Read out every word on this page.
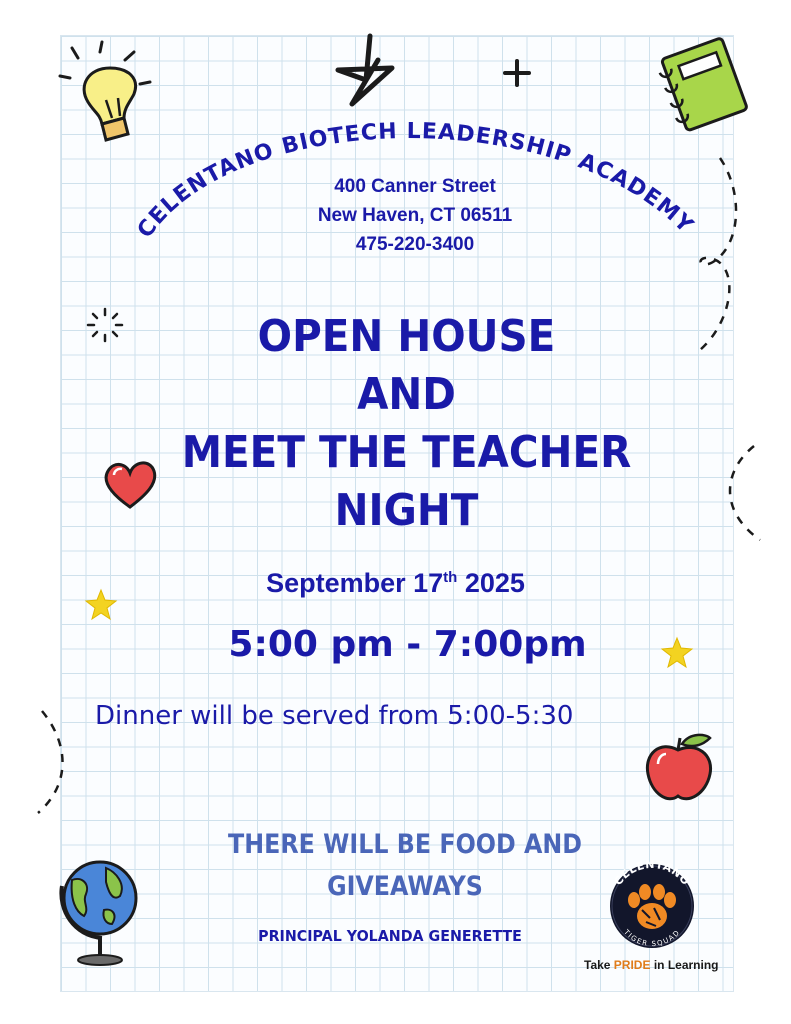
CELENTANO BIOTECH LEADERSHIP ACADEMY
400 Canner Street
New Haven, CT 06511
475-220-3400
OPEN HOUSE
AND
MEET THE TEACHER
NIGHT
September 17th 2025
5:00 pm - 7:00pm
Dinner will be served from 5:00-5:30
THERE WILL BE FOOD AND
GIVEAWAYS
PRINCIPAL YOLANDA GENERETTE
CELENTANO
TIGER SQUAD
Take PRIDE in Learning
